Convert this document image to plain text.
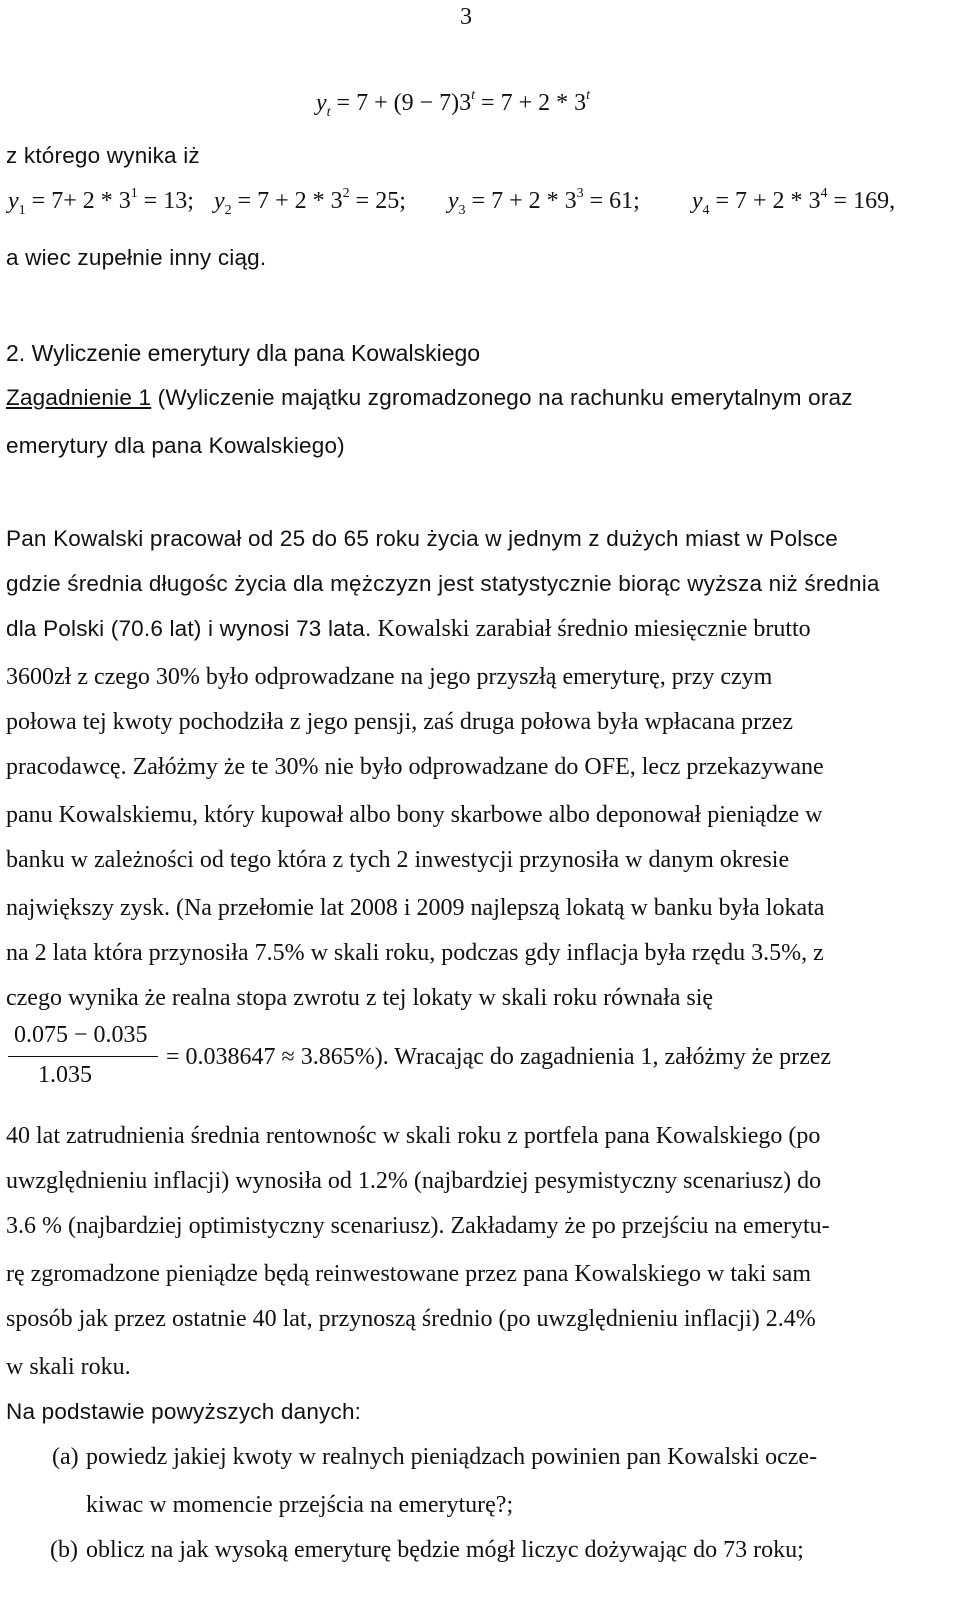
3
$y_t = 7 + (9 - 7)3^t = 7 + 2 * 3^t$
z którego wynika iż
$y_1 = 7+ 2 * 3^1 = 13$; $y_2 = 7 + 2 * 3^2 = 25$; $y_3 = 7 + 2 * 3^3 = 61$; $y_4 = 7 + 2 * 3^4 = 169$,
a wiec zupełnie inny ciąg.
2. Wyliczenie emerytury dla pana Kowalskiego
Zagadnienie 1 (Wyliczenie majątku zgromadzonego na rachunku emerytalnym oraz
emerytury dla pana Kowalskiego)
Pan Kowalski pracował od 25 do 65 roku życia w jednym z dużych miast w Polsce
gdzie średnia długośc życia dla mężczyzn jest statystycznie biorąc wyższa niż średnia
dla Polski (70.6 lat) i wynosi 73 lata. Kowalski zarabiał średnio miesięcznie brutto
3600zł z czego 30% było odprowadzane na jego przyszłą emeryturę, przy czym
połowa tej kwoty pochodziła z jego pensji, zaś druga połowa była wpłacana przez
pracodawcę. Załóżmy że te 30% nie było odprowadzane do OFE, lecz przekazywane
panu Kowalskiemu, który kupował albo bony skarbowe albo deponował pieniądze w
banku w zależności od tego która z tych 2 inwestycji przynosiła w danym okresie
największy zysk. (Na przełomie lat 2008 i 2009 najlepszą lokatą w banku była lokata
na 2 lata która przynosiła 7.5% w skali roku, podczas gdy inflacja była rzędu 3.5%, z
czego wynika że realna stopa zwrotu z tej lokaty w skali roku równała się
0.075 − 0.035
1.035
= 0.038647 ≈ 3.865%). Wracając do zagadnienia 1, załóżmy że przez
40 lat zatrudnienia średnia rentownośc w skali roku z portfela pana Kowalskiego (po
uwzględnieniu inflacji) wynosiła od 1.2% (najbardziej pesymistyczny scenariusz) do
3.6 % (najbardziej optimistyczny scenariusz). Zakładamy że po przejściu na emerytu-
rę zgromadzone pieniądze będą reinwestowane przez pana Kowalskiego w taki sam
sposób jak przez ostatnie 40 lat, przynoszą średnio (po uwzględnieniu inflacji) 2.4%
w skali roku.
Na podstawie powyższych danych:
(a) powiedz jakiej kwoty w realnych pieniądzach powinien pan Kowalski ocze-
kiwac w momencie przejścia na emeryturę?;
(b) oblicz na jak wysoką emeryturę będzie mógł liczyc dożywając do 73 roku;
